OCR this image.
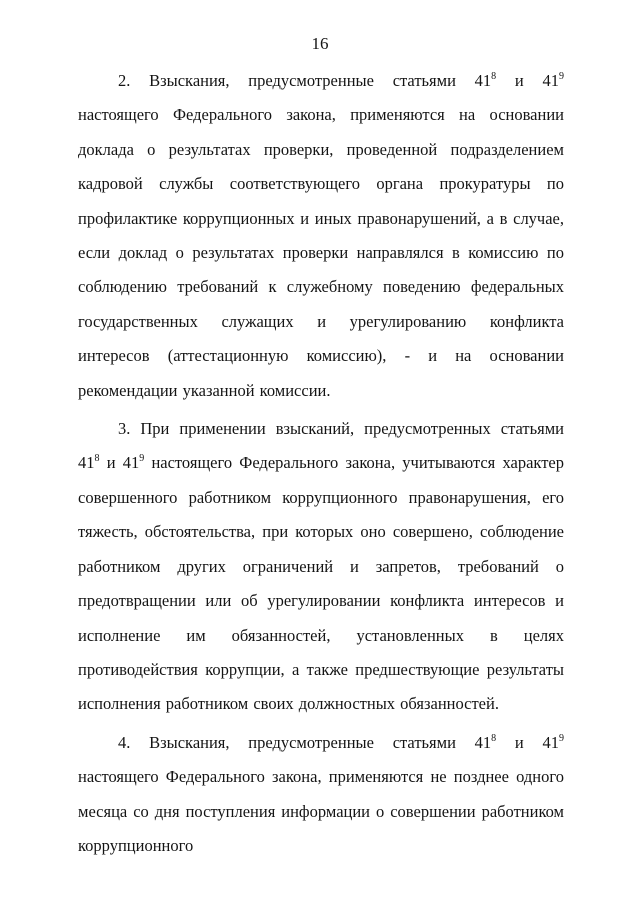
16

2. Взыскания, предусмотренные статьями $41^8$ и $41^9$ настоящего Федерального закона, применяются на основании доклада о результатах проверки, проведенной подразделением кадровой службы соответствующего органа прокуратуры по профилактике коррупционных и иных правонарушений, а в случае, если доклад о результатах проверки направлялся в комиссию по соблюдению требований к служебному поведению федеральных государственных служащих и урегулированию конфликта интересов (аттестационную комиссию), - и на основании рекомендации указанной комиссии.

3. При применении взысканий, предусмотренных статьями $41^8$ и $41^9$ настоящего Федерального закона, учитываются характер совершенного работником коррупционного правонарушения, его тяжесть, обстоятельства, при которых оно совершено, соблюдение работником других ограничений и запретов, требований о предотвращении или об урегулировании конфликта интересов и исполнение им обязанностей, установленных в целях противодействия коррупции, а также предшествующие результаты исполнения работником своих должностных обязанностей.

4. Взыскания, предусмотренные статьями $41^8$ и $41^9$ настоящего Федерального закона, применяются не позднее одного месяца со дня поступления информации о совершении работником коррупционного
